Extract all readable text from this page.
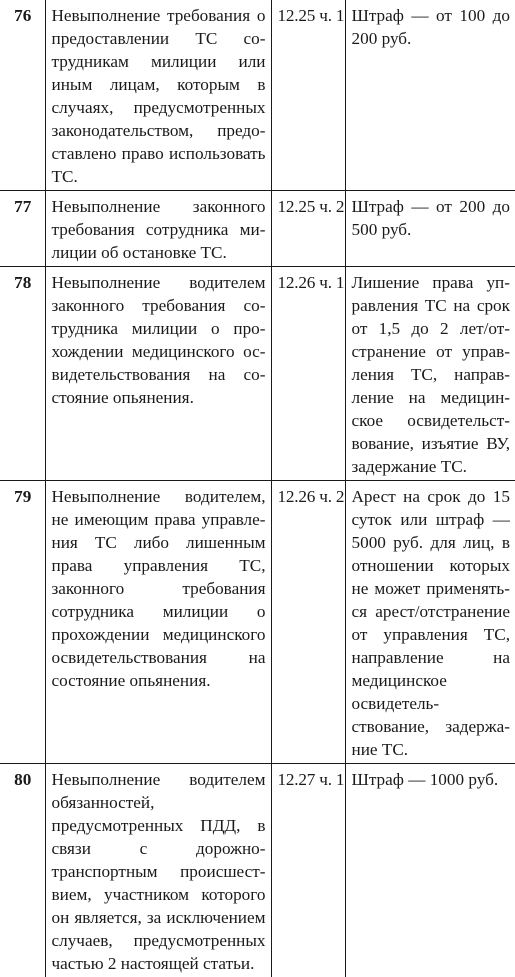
76	Невыполнение требования о предоставлении ТС сотрудникам милиции или иным лицам, которым в случаях, предусмотренных законодательством, предоставлено право использовать ТС.	12.25 ч. 1	Штраф — от 100 до 200 руб.
77	Невыполнение законного требования сотрудника милиции об остановке ТС.	12.25 ч. 2	Штраф — от 200 до 500 руб.
78	Невыполнение водителем законного требования сотрудника милиции о прохождении медицинского освидетельствования на состояние опьянения.	12.26 ч. 1	Лишение права управления ТС на срок от 1,5 до 2 лет/отстранение от управления ТС, направление на медицинское освидетельствование, изъятие ВУ, задержание ТС.
79	Невыполнение водителем, не имеющим права управления ТС либо лишенным права управления ТС, законного требования сотрудника милиции о прохождении медицинского освидетельствования на состояние опьянения.	12.26 ч. 2	Арест на срок до 15 суток или штраф — 5000 руб. для лиц, в отношении которых не может применяться арест/отстранение от управления ТС, направление на медицинское освидетельствование, задержание ТС.
80	Невыполнение водителем обязанностей, предусмотренных ПДД, в связи с дорожно-транспортным происшествием, участником которого он является, за исключением случаев, предусмотренных частью 2 настоящей статьи.	12.27 ч. 1	Штраф — 1000 руб.
